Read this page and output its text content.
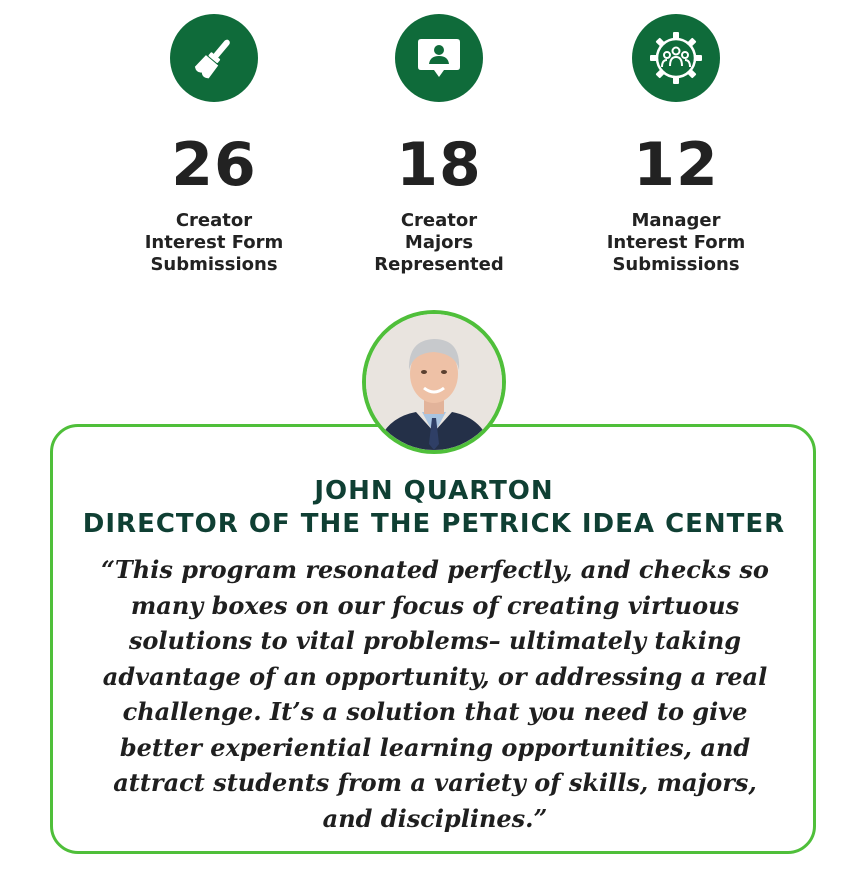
26
Creator
Interest Form
Submissions
18
Creator
Majors
Represented
12
Manager
Interest Form
Submissions
JOHN QUARTON
DIRECTOR OF THE THE PETRICK IDEA CENTER
“This program resonated perfectly, and checks so many boxes on our focus of creating virtuous solutions to vital problems– ultimately taking advantage of an opportunity, or addressing a real challenge. It’s a solution that you need to give better experiential learning opportunities, and attract students from a variety of skills, majors, and disciplines.”
